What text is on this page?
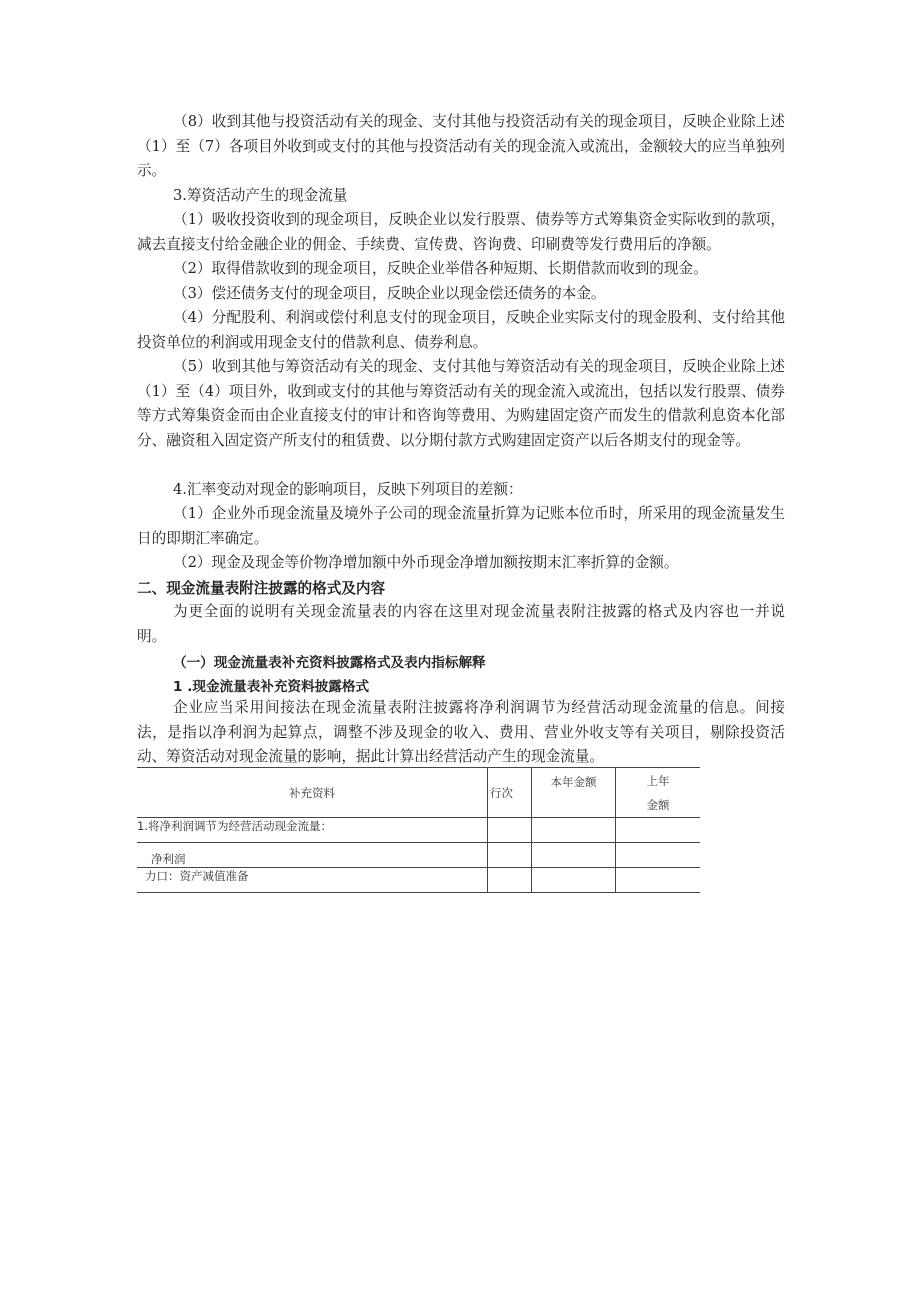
（8）收到其他与投资活动有关的现金、支付其他与投资活动有关的现金项目，反映企业除上述（1）至（7）各项目外收到或支付的其他与投资活动有关的现金流入或流出，金额较大的应当单独列示。

3.筹资活动产生的现金流量

（1）吸收投资收到的现金项目，反映企业以发行股票、债券等方式筹集资金实际收到的款项，减去直接支付给金融企业的佣金、手续费、宣传费、咨询费、印刷费等发行费用后的净额。

（2）取得借款收到的现金项目，反映企业举借各种短期、长期借款而收到的现金。

（3）偿还债务支付的现金项目，反映企业以现金偿还债务的本金。

（4）分配股利、利润或偿付利息支付的现金项目，反映企业实际支付的现金股利、支付给其他投资单位的利润或用现金支付的借款利息、债券利息。

（5）收到其他与筹资活动有关的现金、支付其他与筹资活动有关的现金项目，反映企业除上述（1）至（4）项目外，收到或支付的其他与筹资活动有关的现金流入或流出，包括以发行股票、债券等方式筹集资金而由企业直接支付的审计和咨询等费用、为购建固定资产而发生的借款利息资本化部分、融资租入固定资产所支付的租赁费、以分期付款方式购建固定资产以后各期支付的现金等。

4.汇率变动对现金的影响项目，反映下列项目的差额：

（1）企业外币现金流量及境外子公司的现金流量折算为记账本位币时，所采用的现金流量发生日的即期汇率确定。

（2）现金及现金等价物净增加额中外币现金净增加额按期末汇率折算的金额。

二、现金流量表附注披露的格式及内容

为更全面的说明有关现金流量表的内容在这里对现金流量表附注披露的格式及内容也一并说明。

（一）现金流量表补充资料披露格式及表内指标解释

1 .现金流量表补充资料披露格式

企业应当采用间接法在现金流量表附注披露将净利润调节为经营活动现金流量的信息。间接法，是指以净利润为起算点，调整不涉及现金的收入、费用、营业外收支等有关项目，剔除投资活动、筹资活动对现金流量的影响，据此计算出经营活动产生的现金流量。

补充资料	行次	本年金额	上年
金额

1.将净利润调节为经营活动现金流量：			
净利润			
力口：资产减值准备			
